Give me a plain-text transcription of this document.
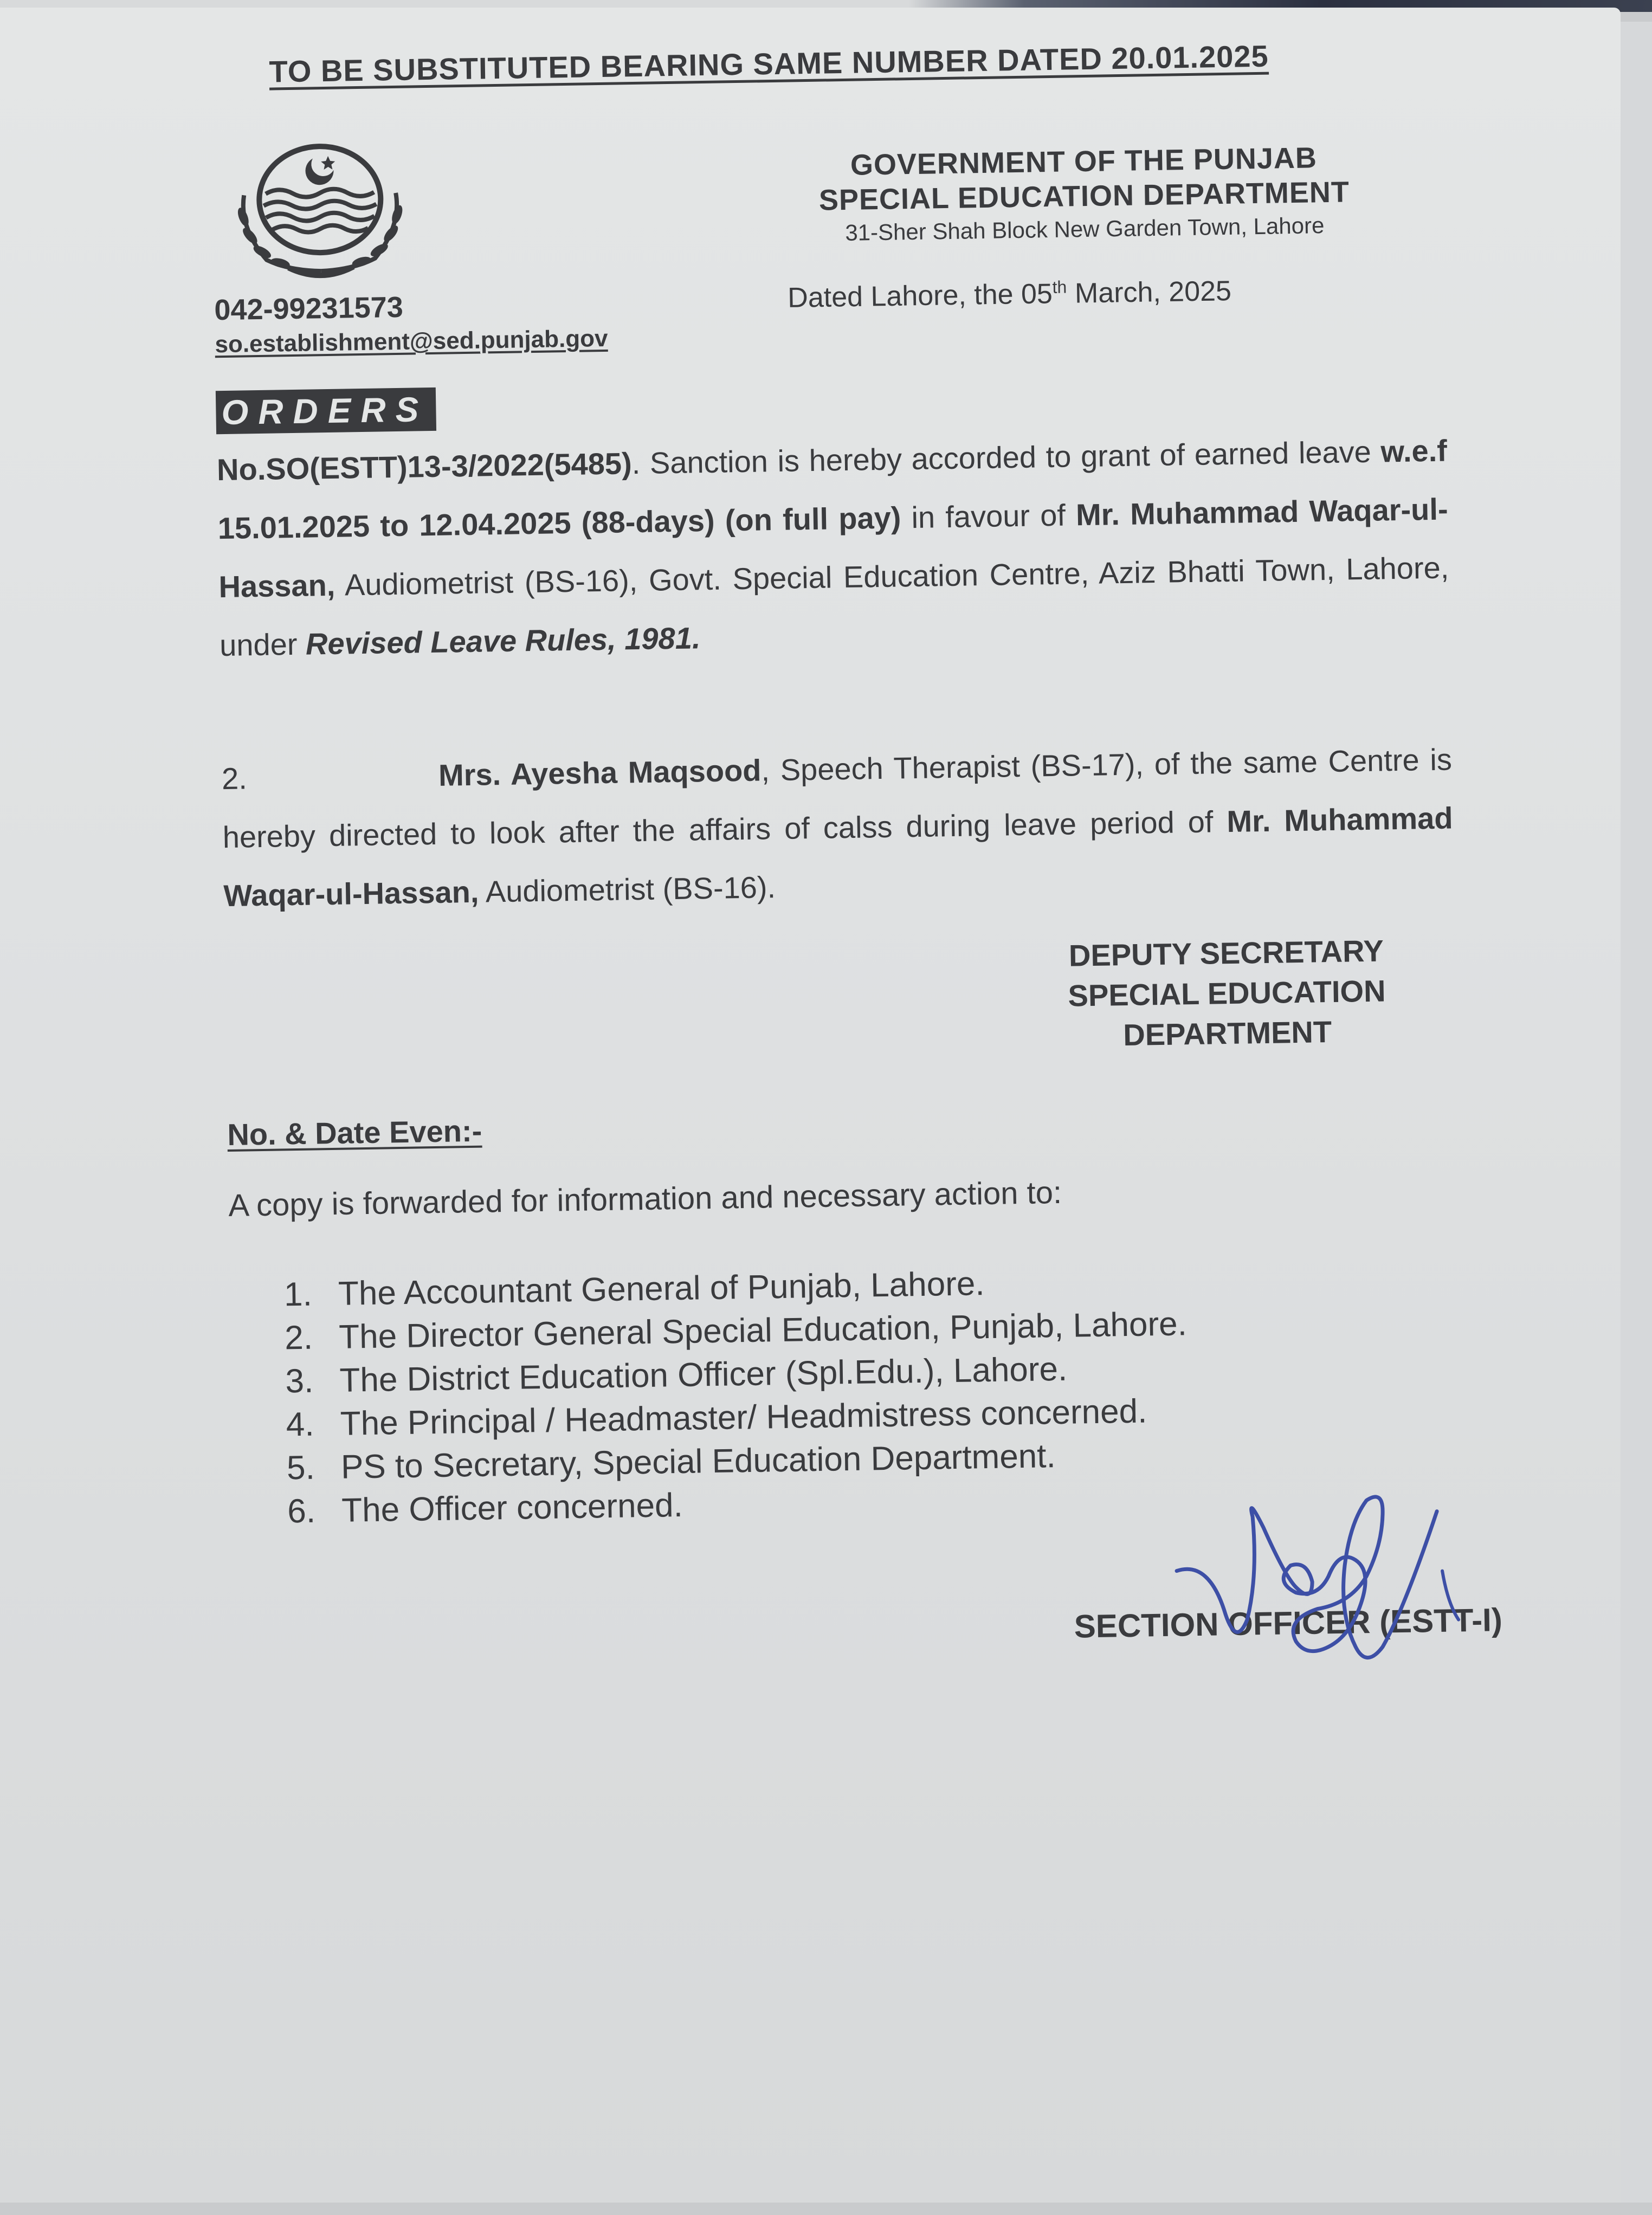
TO BE SUBSTITUTED BEARING SAME NUMBER DATED 20.01.2025
042-99231573
so.establishment@sed.punjab.gov
GOVERNMENT OF THE PUNJAB
SPECIAL EDUCATION DEPARTMENT
31-Sher Shah Block New Garden Town, Lahore
Dated Lahore, the 05th March, 2025
ORDERS
No.SO(ESTT)13-3/2022(5485). Sanction is hereby accorded to grant of earned leave w.e.f 15.01.2025 to 12.04.2025 (88-days) (on full pay) in favour of Mr. Muhammad Waqar-ul-Hassan, Audiometrist (BS-16), Govt. Special Education Centre, Aziz Bhatti Town, Lahore, under Revised Leave Rules, 1981.
2.	Mrs. Ayesha Maqsood, Speech Therapist (BS-17), of the same Centre is hereby directed to look after the affairs of calss during leave period of Mr. Muhammad Waqar-ul-Hassan, Audiometrist (BS-16).
DEPUTY SECRETARY
SPECIAL EDUCATION
DEPARTMENT
No. & Date Even:-
A copy is forwarded for information and necessary action to:
1. The Accountant General of Punjab, Lahore.
2. The Director General Special Education, Punjab, Lahore.
3. The District Education Officer (Spl.Edu.), Lahore.
4. The Principal / Headmaster/ Headmistress concerned.
5. PS to Secretary, Special Education Department.
6. The Officer concerned.
SECTION OFFICER (ESTT-I)
